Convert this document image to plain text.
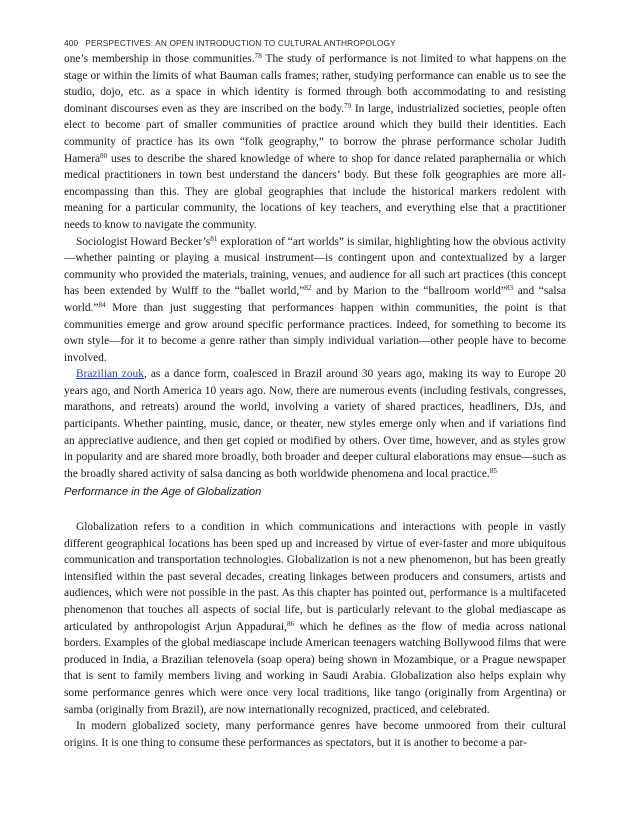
400 PERSPECTIVES: AN OPEN INTRODUCTION TO CULTURAL ANTHROPOLOGY

one’s membership in those communities.$^{78}$ The study of performance is not limited to what happens on the stage or within the limits of what Bauman calls frames; rather, studying performance can enable us to see the studio, dojo, etc. as a space in which identity is formed through both accommodating to and resisting dominant discourses even as they are inscribed on the body.$^{79}$ In large, industrialized societies, people often elect to become part of smaller communities of practice around which they build their identities. Each community of practice has its own “folk geography,” to borrow the phrase performance scholar Judith Hamera$^{80}$ uses to describe the shared knowledge of where to shop for dance related paraphernalia or which medical practitioners in town best understand the dancers’ body. But these folk geographies are more all-encompassing than this. They are global geographies that include the historical markers redolent with meaning for a particular community, the locations of key teachers, and everything else that a practitioner needs to know to navigate the community.

Sociologist Howard $Becker’s^{81}$ exploration of “art worlds” is similar, highlighting how the obvious activity—whether painting or playing a musical instrument—is contingent upon and contextualized by a larger community who provided the materials, training, venues, and audience for all such art practices (this concept has been extended by Wulff to the “ballet world,”$^{82}$ and by Marion to the “ballroom world”$^{83}$ and “salsa world.”$^{84}$ More than just suggesting that performances happen within communities, the point is that communities emerge and grow around specific performance practices. Indeed, for something to become its own style—for it to become a genre rather than simply individual variation—other people have to become involved.

Brazilian zouk, as a dance form, coalesced in Brazil around 30 years ago, making its way to Europe 20 years ago, and North America 10 years ago. Now, there are numerous events (including festivals, congresses, marathons, and retreats) around the world, involving a variety of shared practices, headliners, DJs, and participants. Whether painting, music, dance, or theater, new styles emerge only when and if variations find an appreciative audience, and then get copied or modified by others. Over time, however, and as styles grow in popularity and are shared more broadly, both broader and deeper cultural elaborations may ensue—such as the broadly shared activity of salsa dancing as both worldwide phenomena and local practice.$^{85}$

Performance in the Age of Globalization

Globalization refers to a condition in which communications and interactions with people in vastly different geographical locations has been sped up and increased by virtue of ever-faster and more ubiquitous communication and transportation technologies. Globalization is not a new phenomenon, but has been greatly intensified within the past several decades, creating linkages between producers and consumers, artists and audiences, which were not possible in the past. As this chapter has pointed out, performance is a multifaceted phenomenon that touches all aspects of social life, but is particularly relevant to the global mediascape as articulated by anthropologist Arjun Appadurai,$^{86}$ which he defines as the flow of media across national borders. Examples of the global mediascape include American teenagers watching Bollywood films that were produced in India, a Brazilian telenovela (soap opera) being shown in Mozambique, or a Prague newspaper that is sent to family members living and working in Saudi Arabia. Globalization also helps explain why some performance genres which were once very local traditions, like tango (originally from Argentina) or samba (originally from Brazil), are now internationally recognized, practiced, and celebrated.

In modern globalized society, many performance genres have become unmoored from their cultural origins. It is one thing to consume these performances as spectators, but it is another to become a par-
